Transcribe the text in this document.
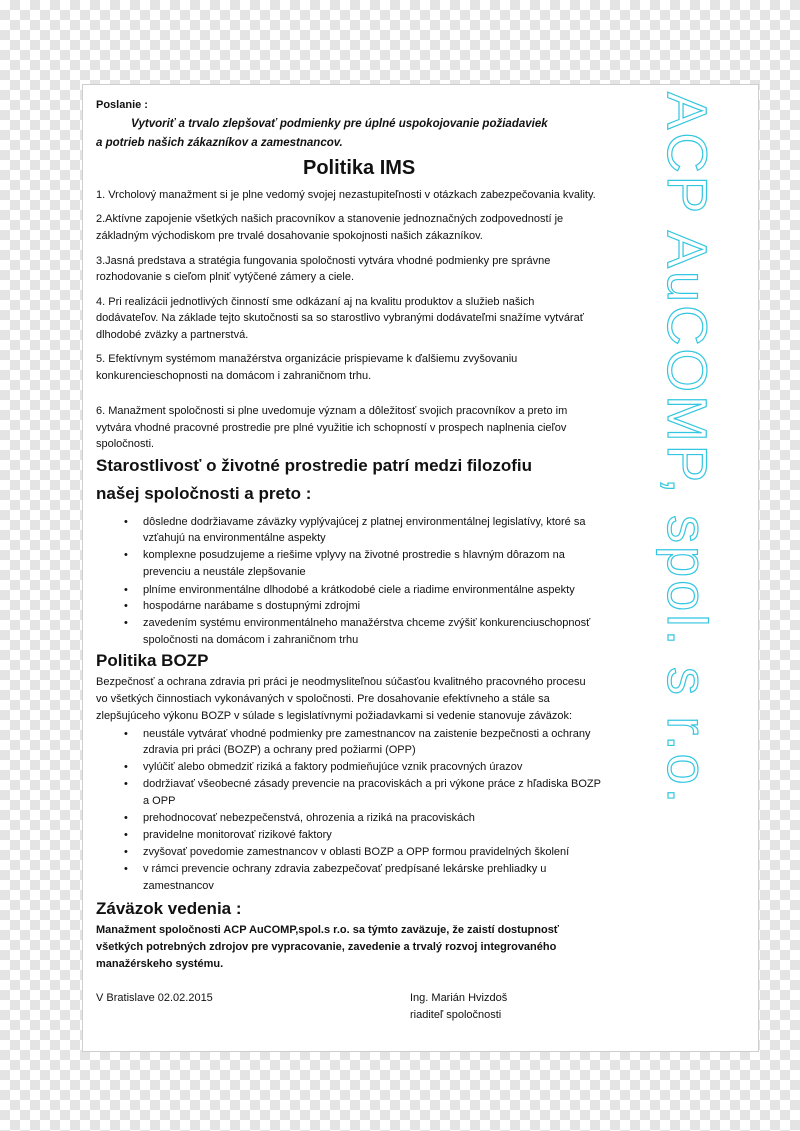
Poslanie :
Vytvoriť a trvalo zlepšovať podmienky pre úplné uspokojovanie požiadaviek
a potrieb našich zákazníkov a zamestnancov.
Politika IMS
1. Vrcholový manažment si je plne vedomý svojej nezastupiteľnosti v otázkach zabezpečovania kvality.
2.Aktívne zapojenie všetkých našich pracovníkov a stanovenie jednoznačných zodpovedností je
základným východiskom pre trvalé dosahovanie spokojnosti našich zákazníkov.
3.Jasná predstava a stratégia fungovania spoločnosti vytvára vhodné podmienky pre správne
rozhodovanie s cieľom plniť vytýčené zámery a ciele.
4. Pri realizácii jednotlivých činností sme odkázaní aj na kvalitu produktov a služieb našich
dodávateľov. Na základe tejto skutočnosti sa so starostlivo vybranými dodávateľmi snažíme vytvárať
dlhodobé zväzky a partnerstvá.
5. Efektívnym systémom manažérstva organizácie prispievame k ďalšiemu zvyšovaniu
konkurencieschopnosti na domácom i zahraničnom trhu.
6. Manažment spoločnosti si plne uvedomuje význam a dôležitosť svojich pracovníkov a preto im
vytvára vhodné pracovné prostredie pre plné využitie ich schopností v prospech naplnenia cieľov
spoločnosti.
Starostlivosť o životné prostredie patrí medzi filozofiu
našej spoločnosti a preto :
• dôsledne dodržiavame záväzky vyplývajúcej z platnej environmentálnej legislatívy, ktoré sa
vzťahujú na environmentálne aspekty
• komplexne posudzujeme a riešime vplyvy na životné prostredie s hlavným dôrazom na
prevenciu a neustále zlepšovanie
• plníme environmentálne dlhodobé a krátkodobé ciele a riadime environmentálne aspekty
• hospodárne narábame s dostupnými zdrojmi
• zavedením systému environmentálneho manažérstva chceme zvýšiť konkurenciuschopnosť
spoločnosti na domácom i zahraničnom trhu
Politika BOZP
Bezpečnosť a ochrana zdravia pri práci je neodmysliteľnou súčasťou kvalitného pracovného procesu
vo všetkých činnostiach vykonávaných v spoločnosti. Pre dosahovanie efektívneho a stále sa
zlepšujúceho výkonu BOZP v súlade s legislatívnymi požiadavkami si vedenie stanovuje záväzok:
• neustále vytvárať vhodné podmienky pre zamestnancov na zaistenie bezpečnosti a ochrany
zdravia pri práci (BOZP) a ochrany pred požiarmi (OPP)
• vylúčiť alebo obmedziť riziká a faktory podmieňujúce vznik pracovných úrazov
• dodržiavať všeobecné zásady prevencie na pracoviskách a pri výkone práce z hľadiska BOZP
a OPP
• prehodnocovať nebezpečenstvá, ohrozenia a riziká na pracoviskách
• pravidelne monitorovať rizikové faktory
• zvyšovať povedomie zamestnancov v oblasti BOZP a OPP formou pravidelných školení
• v rámci prevencie ochrany zdravia zabezpečovať predpísané lekárske prehliadky u
zamestnancov
Záväzok vedenia :
Manažment spoločnosti ACP AuCOMP,spol.s r.o. sa týmto zaväzuje, že zaistí dostupnosť
všetkých potrebných zdrojov pre vypracovanie, zavedenie a trvalý rozvoj integrovaného
manažérskeho systému.
V Bratislave 02.02.2015	Ing. Marián Hvizdoš
riaditeľ spoločnosti
ACP AuCOMP, spol. s r.o.
